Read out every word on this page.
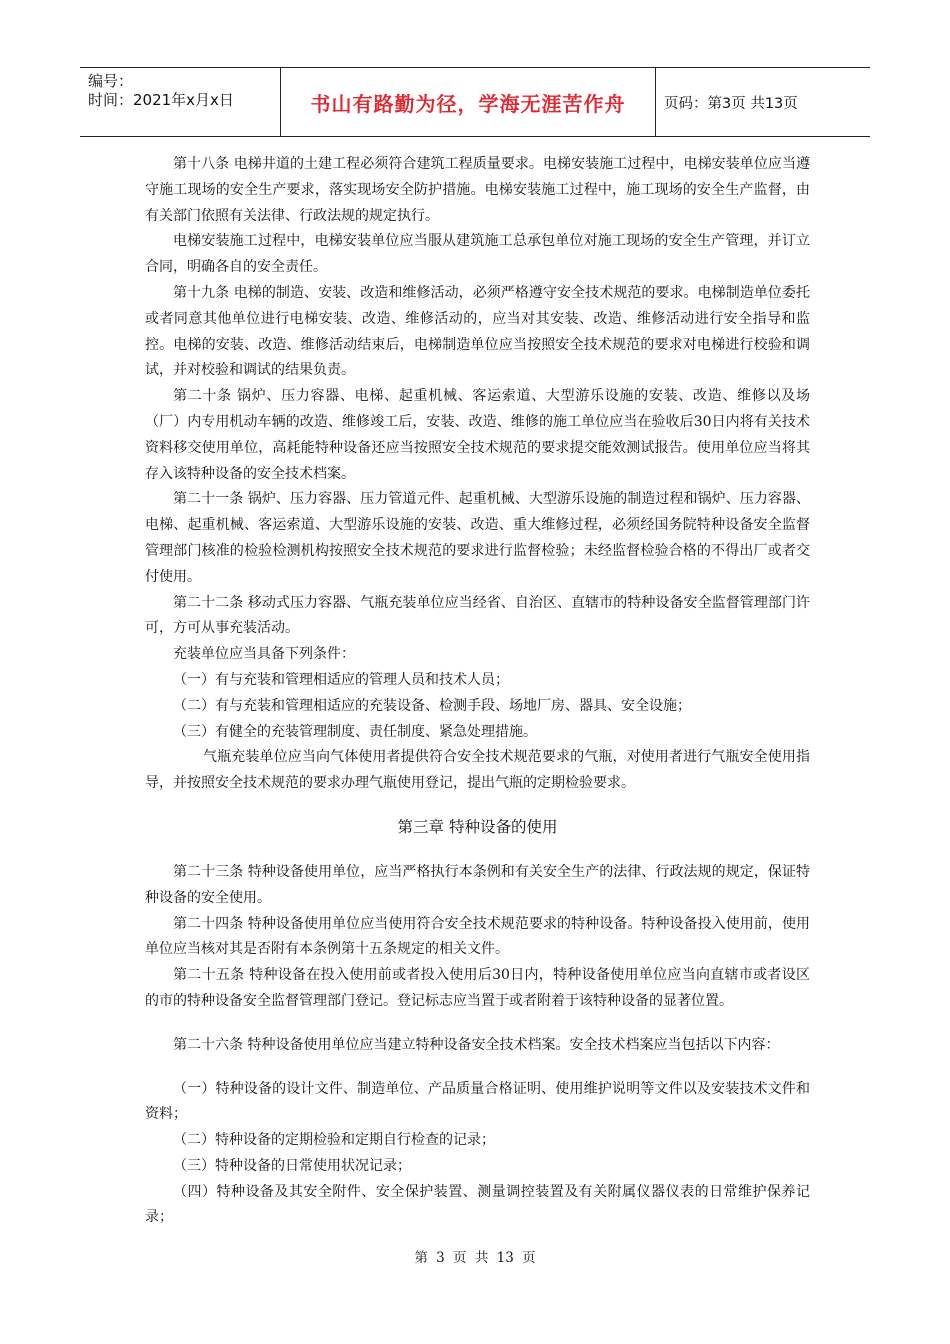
编号：
时间：2021年x月x日	书山有路勤为径，学海无涯苦作舟	页码：第3页 共13页

第十八条 电梯井道的土建工程必须符合建筑工程质量要求。电梯安装施工过程中，电梯安装单位应当遵守施工现场的安全生产要求，落实现场安全防护措施。电梯安装施工过程中，施工现场的安全生产监督，由有关部门依照有关法律、行政法规的规定执行。

电梯安装施工过程中，电梯安装单位应当服从建筑施工总承包单位对施工现场的安全生产管理，并订立合同，明确各自的安全责任。

第十九条 电梯的制造、安装、改造和维修活动，必须严格遵守安全技术规范的要求。电梯制造单位委托或者同意其他单位进行电梯安装、改造、维修活动的，应当对其安装、改造、维修活动进行安全指导和监控。电梯的安装、改造、维修活动结束后，电梯制造单位应当按照安全技术规范的要求对电梯进行校验和调试，并对校验和调试的结果负责。

第二十条 锅炉、压力容器、电梯、起重机械、客运索道、大型游乐设施的安装、改造、维修以及场（厂）内专用机动车辆的改造、维修竣工后，安装、改造、维修的施工单位应当在验收后30日内将有关技术资料移交使用单位，高耗能特种设备还应当按照安全技术规范的要求提交能效测试报告。使用单位应当将其存入该特种设备的安全技术档案。

第二十一条 锅炉、压力容器、压力管道元件、起重机械、大型游乐设施的制造过程和锅炉、压力容器、电梯、起重机械、客运索道、大型游乐设施的安装、改造、重大维修过程，必须经国务院特种设备安全监督管理部门核准的检验检测机构按照安全技术规范的要求进行监督检验；未经监督检验合格的不得出厂或者交付使用。

第二十二条 移动式压力容器、气瓶充装单位应当经省、自治区、直辖市的特种设备安全监督管理部门许可，方可从事充装活动。

充装单位应当具备下列条件：

（一）有与充装和管理相适应的管理人员和技术人员；

（二）有与充装和管理相适应的充装设备、检测手段、场地厂房、器具、安全设施；

（三）有健全的充装管理制度、责任制度、紧急处理措施。

气瓶充装单位应当向气体使用者提供符合安全技术规范要求的气瓶，对使用者进行气瓶安全使用指导，并按照安全技术规范的要求办理气瓶使用登记，提出气瓶的定期检验要求。

第三章 特种设备的使用

第二十三条 特种设备使用单位，应当严格执行本条例和有关安全生产的法律、行政法规的规定，保证特种设备的安全使用。

第二十四条 特种设备使用单位应当使用符合安全技术规范要求的特种设备。特种设备投入使用前，使用单位应当核对其是否附有本条例第十五条规定的相关文件。

第二十五条 特种设备在投入使用前或者投入使用后30日内，特种设备使用单位应当向直辖市或者设区的市的特种设备安全监督管理部门登记。登记标志应当置于或者附着于该特种设备的显著位置。

第二十六条 特种设备使用单位应当建立特种设备安全技术档案。安全技术档案应当包括以下内容：

（一）特种设备的设计文件、制造单位、产品质量合格证明、使用维护说明等文件以及安装技术文件和资料；

（二）特种设备的定期检验和定期自行检查的记录；

（三）特种设备的日常使用状况记录；

（四）特种设备及其安全附件、安全保护装置、测量调控装置及有关附属仪器仪表的日常维护保养记录；

第 3 页 共 13 页
